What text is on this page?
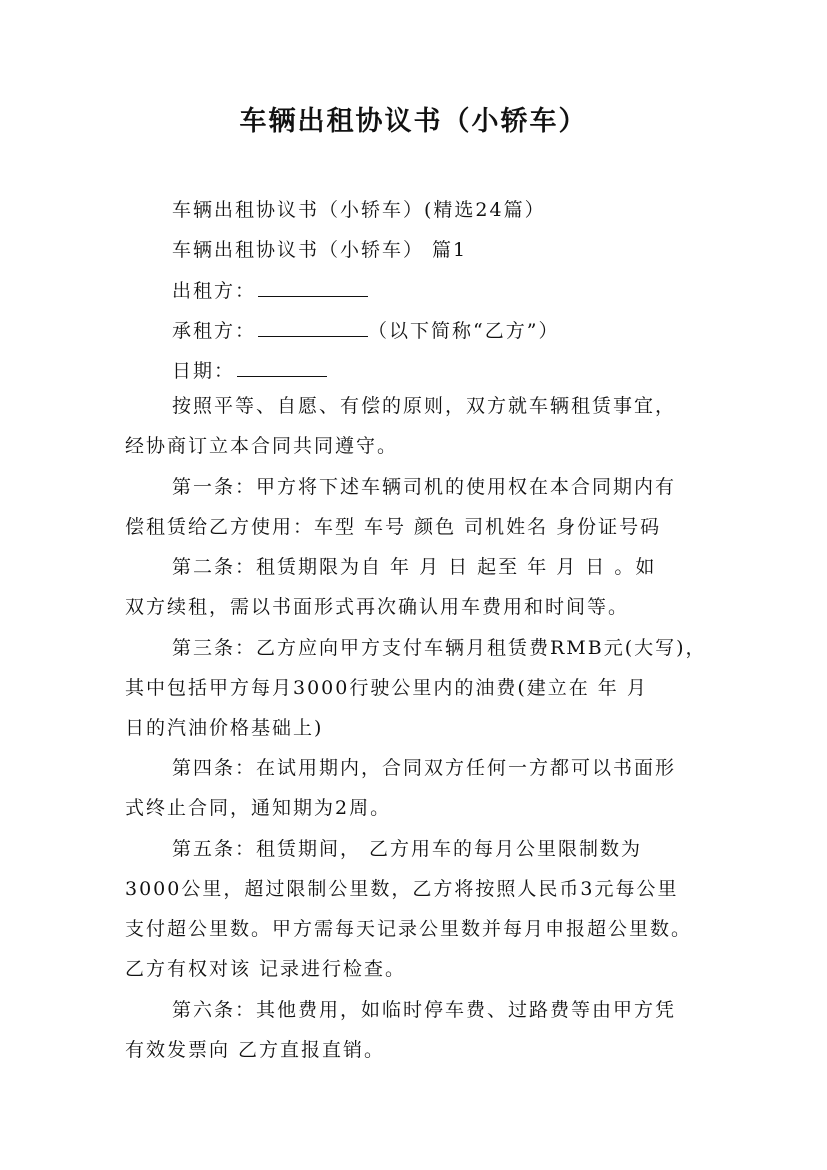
车辆出租协议书（小轿车）
车辆出租协议书（小轿车）(精选24篇）
车辆出租协议书（小轿车） 篇1
出租方：
承租方：	（以下简称“乙方”）
日期：
按照平等、自愿、有偿的原则，双方就车辆租赁事宜，
经协商订立本合同共同遵守。
第一条：甲方将下述车辆司机的使用权在本合同期内有
偿租赁给乙方使用：车型 车号 颜色 司机姓名 身份证号码
第二条：租赁期限为自 年 月 日 起至 年 月 日 。如
双方续租，需以书面形式再次确认用车费用和时间等。
第三条：乙方应向甲方支付车辆月租赁费RMB元(大写)，
其中包括甲方每月3000行驶公里内的油费(建立在 年 月
日的汽油价格基础上)
第四条：在试用期内，合同双方任何一方都可以书面形
式终止合同，通知期为2周。
第五条：租赁期间， 乙方用车的每月公里限制数为
3000公里，超过限制公里数，乙方将按照人民币3元每公里
支付超公里数。甲方需每天记录公里数并每月申报超公里数。
乙方有权对该 记录进行检查。
第六条：其他费用，如临时停车费、过路费等由甲方凭
有效发票向 乙方直报直销。
